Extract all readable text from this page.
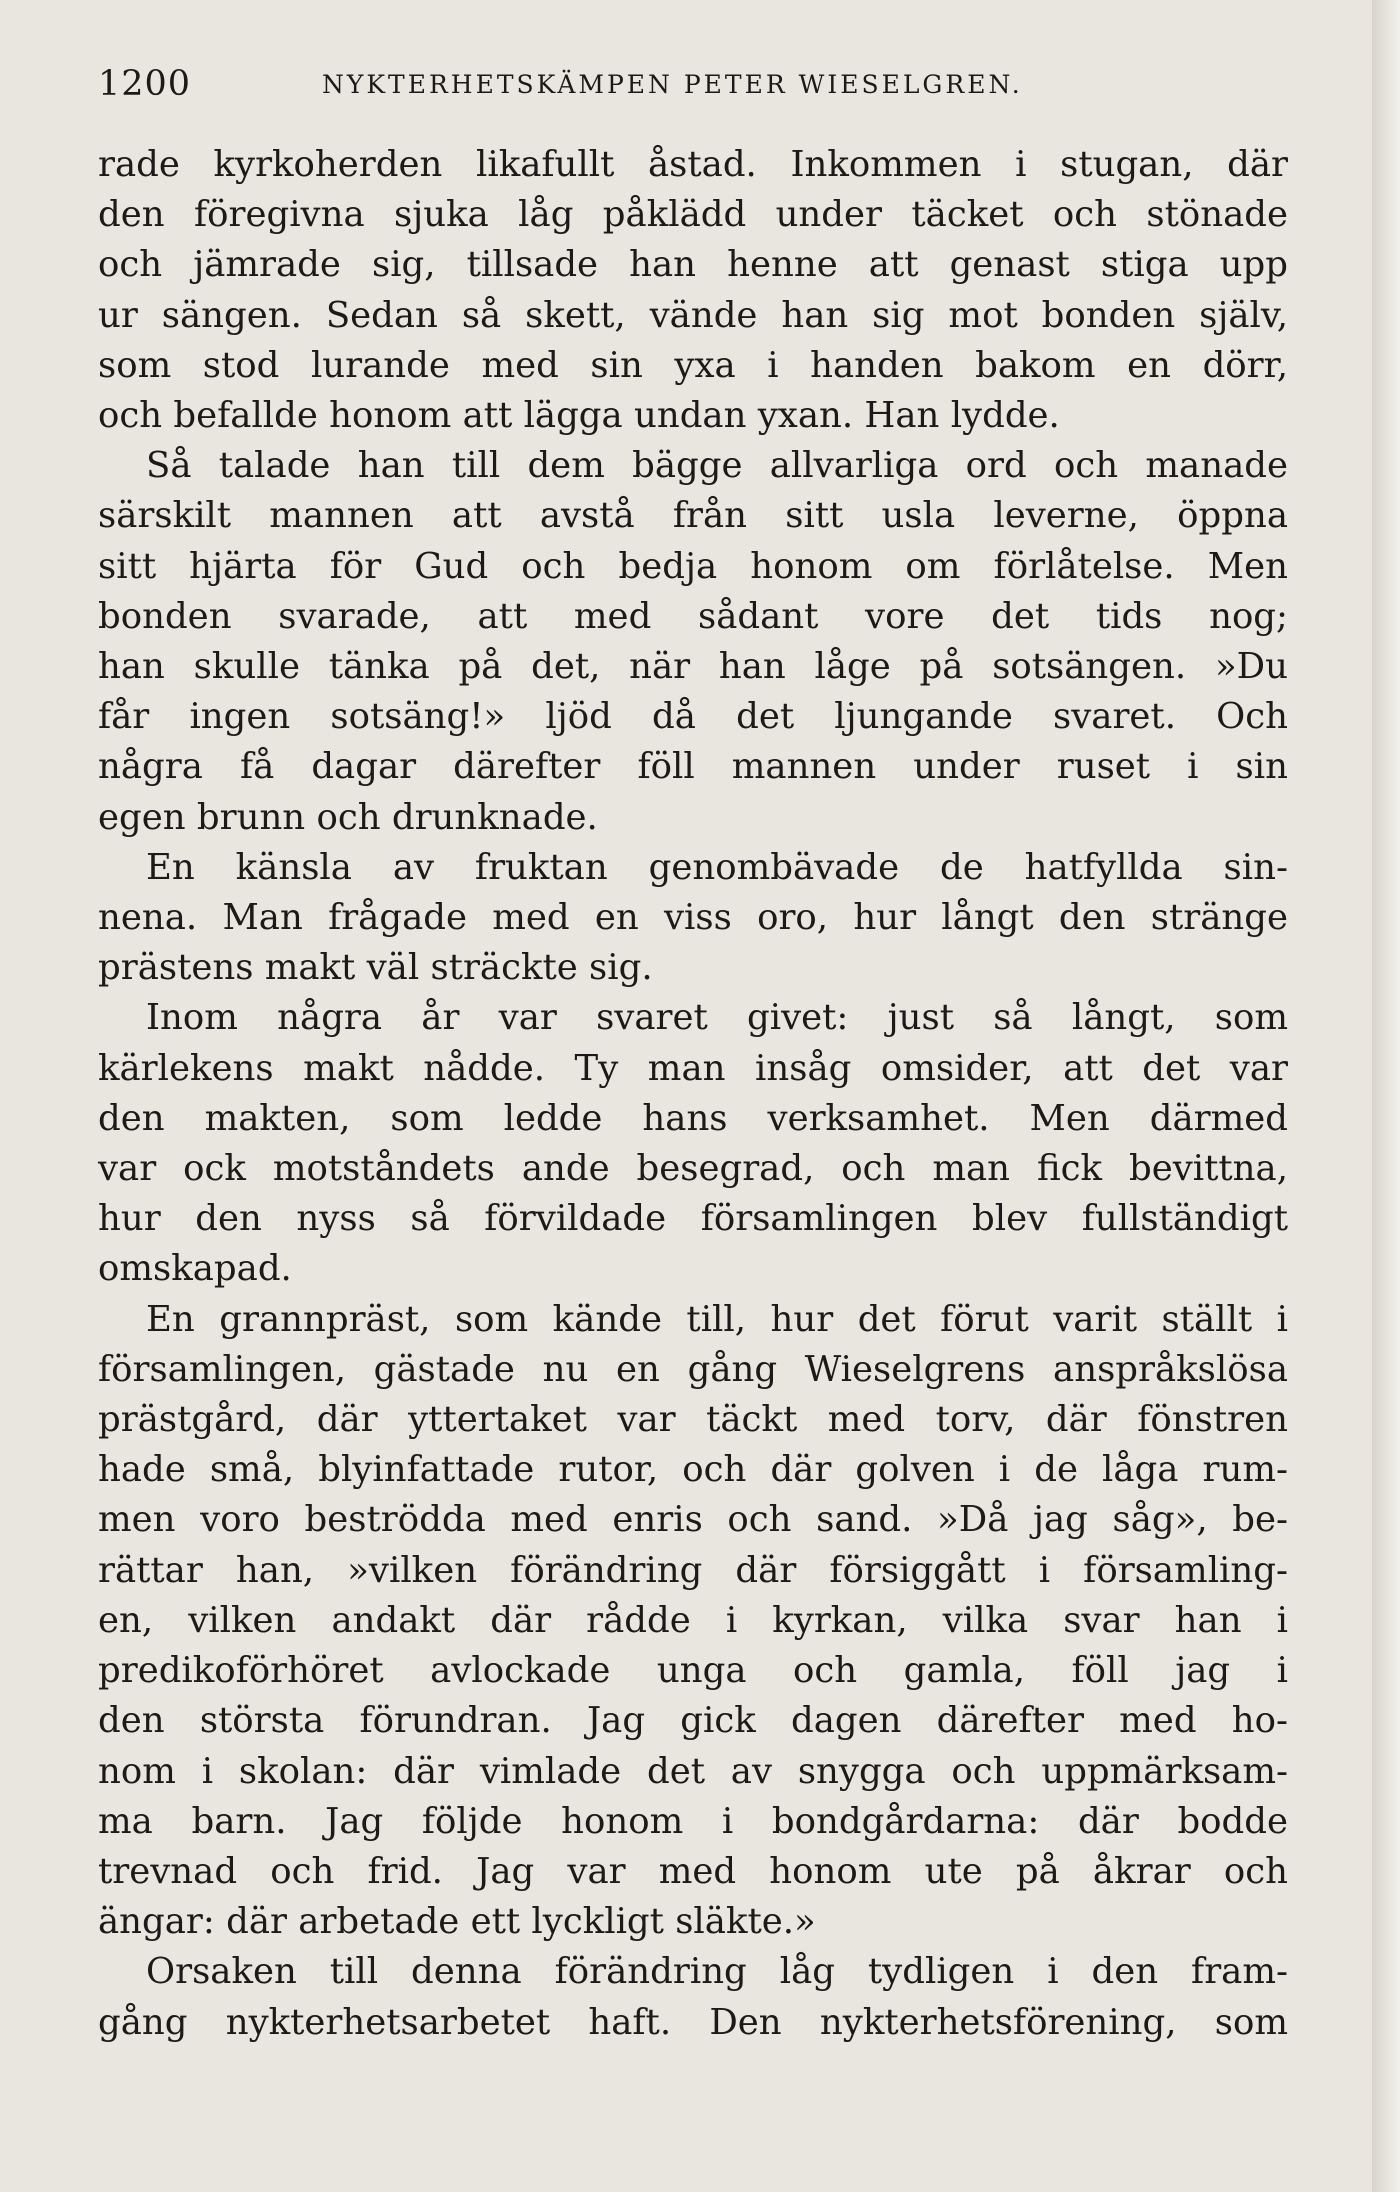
1200	NYKTERHETSKÄMPEN PETER WIESELGREN.

rade kyrkoherden likafullt åstad. Inkommen i stugan, där

den föregivna sjuka låg påklädd under täcket och stönade

och jämrade sig, tillsade han henne att genast stiga upp

ur sängen. Sedan så skett, vände han sig mot bonden själv,

som stod lurande med sin yxa i handen bakom en dörr,

och befallde honom att lägga undan yxan. Han lydde.

Så talade han till dem bägge allvarliga ord och manade

särskilt mannen att avstå från sitt usla leverne, öppna

sitt hjärta för Gud och bedja honom om förlåtelse. Men

bonden svarade, att med sådant vore det tids nog;

han skulle tänka på det, när han låge på sotsängen. »Du

får ingen sotsäng!» ljöd då det ljungande svaret. Och

några få dagar därefter föll mannen under ruset i sin

egen brunn och drunknade.

En känsla av fruktan genombävade de hatfyllda sin-

nena. Man frågade med en viss oro, hur långt den stränge

prästens makt väl sträckte sig.

Inom några år var svaret givet: just så långt, som

kärlekens makt nådde. Ty man insåg omsider, att det var

den makten, som ledde hans verksamhet. Men därmed

var ock motståndets ande besegrad, och man fick bevittna,

hur den nyss så förvildade församlingen blev fullständigt

omskapad.

En grannpräst, som kände till, hur det förut varit ställt i

församlingen, gästade nu en gång Wieselgrens anspråkslösa

prästgård, där yttertaket var täckt med torv, där fönstren

hade små, blyinfattade rutor, och där golven i de låga rum-

men voro beströdda med enris och sand. »Då jag såg», be-

rättar han, »vilken förändring där försiggått i församling-

en, vilken andakt där rådde i kyrkan, vilka svar han i

predikoförhöret avlockade unga och gamla, föll jag i

den största förundran. Jag gick dagen därefter med ho-

nom i skolan: där vimlade det av snygga och uppmärksam-

ma barn. Jag följde honom i bondgårdarna: där bodde

trevnad och frid. Jag var med honom ute på åkrar och

ängar: där arbetade ett lyckligt släkte.»

Orsaken till denna förändring låg tydligen i den fram-

gång nykterhetsarbetet haft. Den nykterhetsförening, som
